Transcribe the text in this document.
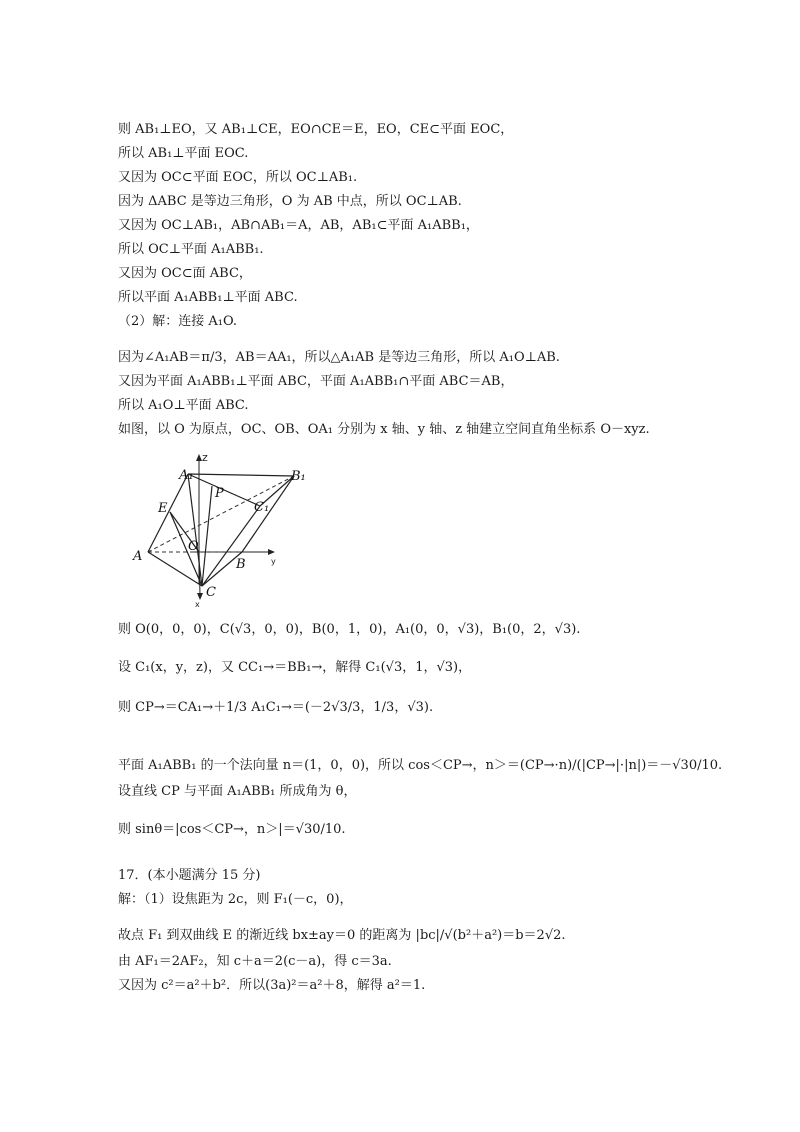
则 AB₁⊥EO，又 AB₁⊥CE，EO∩CE＝E，EO，CE⊂平面 EOC，
所以 AB₁⊥平面 EOC.
又因为 OC⊂平面 EOC，所以 OC⊥AB₁.
因为 ΔABC 是等边三角形，O 为 AB 中点，所以 OC⊥AB.
又因为 OC⊥AB₁，AB∩AB₁＝A，AB，AB₁⊂平面 A₁ABB₁，
所以 OC⊥平面 A₁ABB₁.
又因为 OC⊂面 ABC，
所以平面 A₁ABB₁⊥平面 ABC.
（2）解：连接 A₁O.
因为∠A₁AB＝π/3，AB＝AA₁，所以△A₁AB 是等边三角形，所以 A₁O⊥AB.
又因为平面 A₁ABB₁⊥平面 ABC，平面 A₁ABB₁∩平面 ABC＝AB，
所以 A₁O⊥平面 ABC.
如图，以 O 为原点，OC、OB、OA₁ 分别为 x 轴、y 轴、z 轴建立空间直角坐标系 O－xyz.
z
x
y
A₁	B₁
C₁
A
B
C
E
P
O
则 O(0，0，0)，C(√3，0，0)，B(0，1，0)，A₁(0，0，√3)，B₁(0，2，√3).
设 C₁(x，y，z)，又 CC₁→＝BB₁→，解得 C₁(√3，1，√3)，
则 CP→＝CA₁→＋1/3 A₁C₁→＝(－2√3/3，1/3，√3).
平面 A₁ABB₁ 的一个法向量 n＝(1，0，0)，所以 cos＜CP→，n＞＝(CP→·n)/(|CP→|·|n|)＝－√30/10.
设直线 CP 与平面 A₁ABB₁ 所成角为 θ，
则 sinθ＝|cos＜CP→，n＞|＝√30/10.
17．(本小题满分 15 分)
解：（1）设焦距为 2c，则 F₁(－c，0)，
故点 F₁ 到双曲线 E 的渐近线 bx±ay＝0 的距离为 |bc|/√(b²＋a²)＝b＝2√2.
由 AF₁＝2AF₂，知 c＋a＝2(c－a)，得 c＝3a.
又因为 c²＝a²＋b²．所以(3a)²＝a²＋8，解得 a²＝1.
